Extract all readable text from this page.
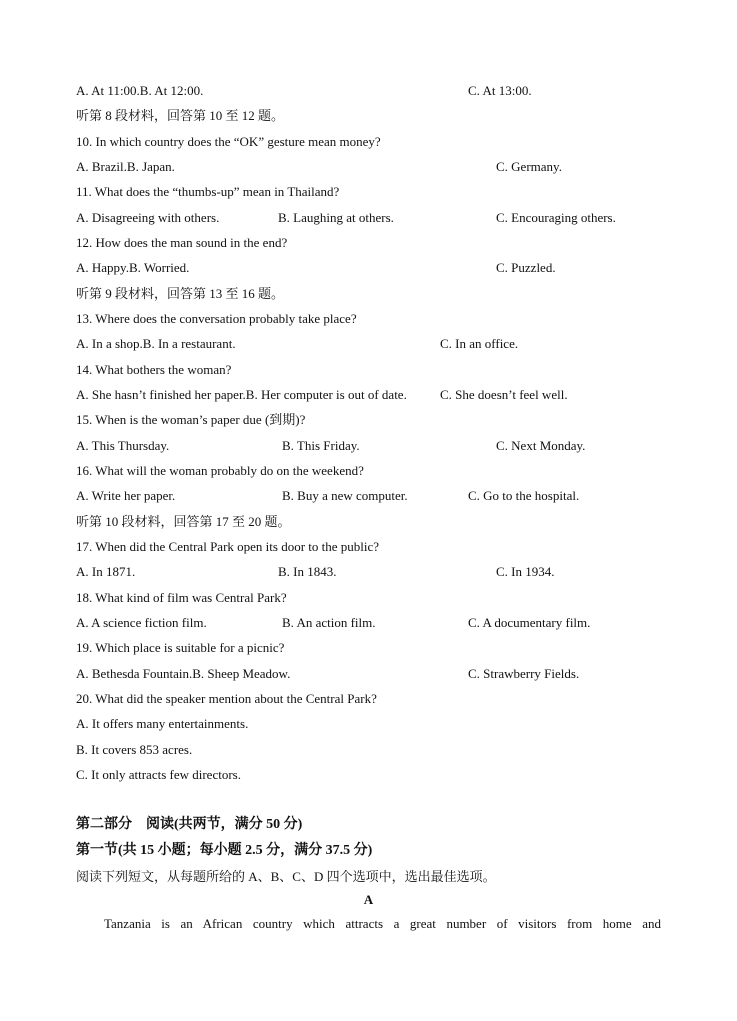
A. At 11:00.B. At 12:00.	C. At 13:00.
听第 8 段材料，回答第 10 至 12 题。
10. In which country does the “OK” gesture mean money?
A. Brazil.B. Japan.	C. Germany.
11. What does the “thumbs-up” mean in Thailand?
A. Disagreeing with others.	B. Laughing at others.	C. Encouraging others.
12. How does the man sound in the end?
A. Happy.B. Worried.	C. Puzzled.
听第 9 段材料，回答第 13 至 16 题。
13. Where does the conversation probably take place?
A. In a shop.B. In a restaurant.	C. In an office.
14. What bothers the woman?
A. She hasn’t finished her paper.B. Her computer is out of date.	C. She doesn’t feel well.
15. When is the woman’s paper due (到期)?
A. This Thursday.	B. This Friday.	C. Next Monday.
16. What will the woman probably do on the weekend?
A. Write her paper.	B. Buy a new computer.	C. Go to the hospital.
听第 10 段材料，回答第 17 至 20 题。
17. When did the Central Park open its door to the public?
A. In 1871.	B. In 1843.	C. In 1934.
18. What kind of film was Central Park?
A. A science fiction film.	B. An action film.	C. A documentary film.
19. Which place is suitable for a picnic?
A. Bethesda Fountain.B. Sheep Meadow.	C. Strawberry Fields.
20. What did the speaker mention about the Central Park?
A. It offers many entertainments.
B. It covers 853 acres.
C. It only attracts few directors.
第二部分　阅读(共两节，满分 50 分)
第一节(共 15 小题；每小题 2.5 分，满分 37.5 分)
阅读下列短文，从每题所给的 A、B、C、D 四个选项中，选出最佳选项。
A
Tanzania is an African country which attracts a great number of visitors from home and
